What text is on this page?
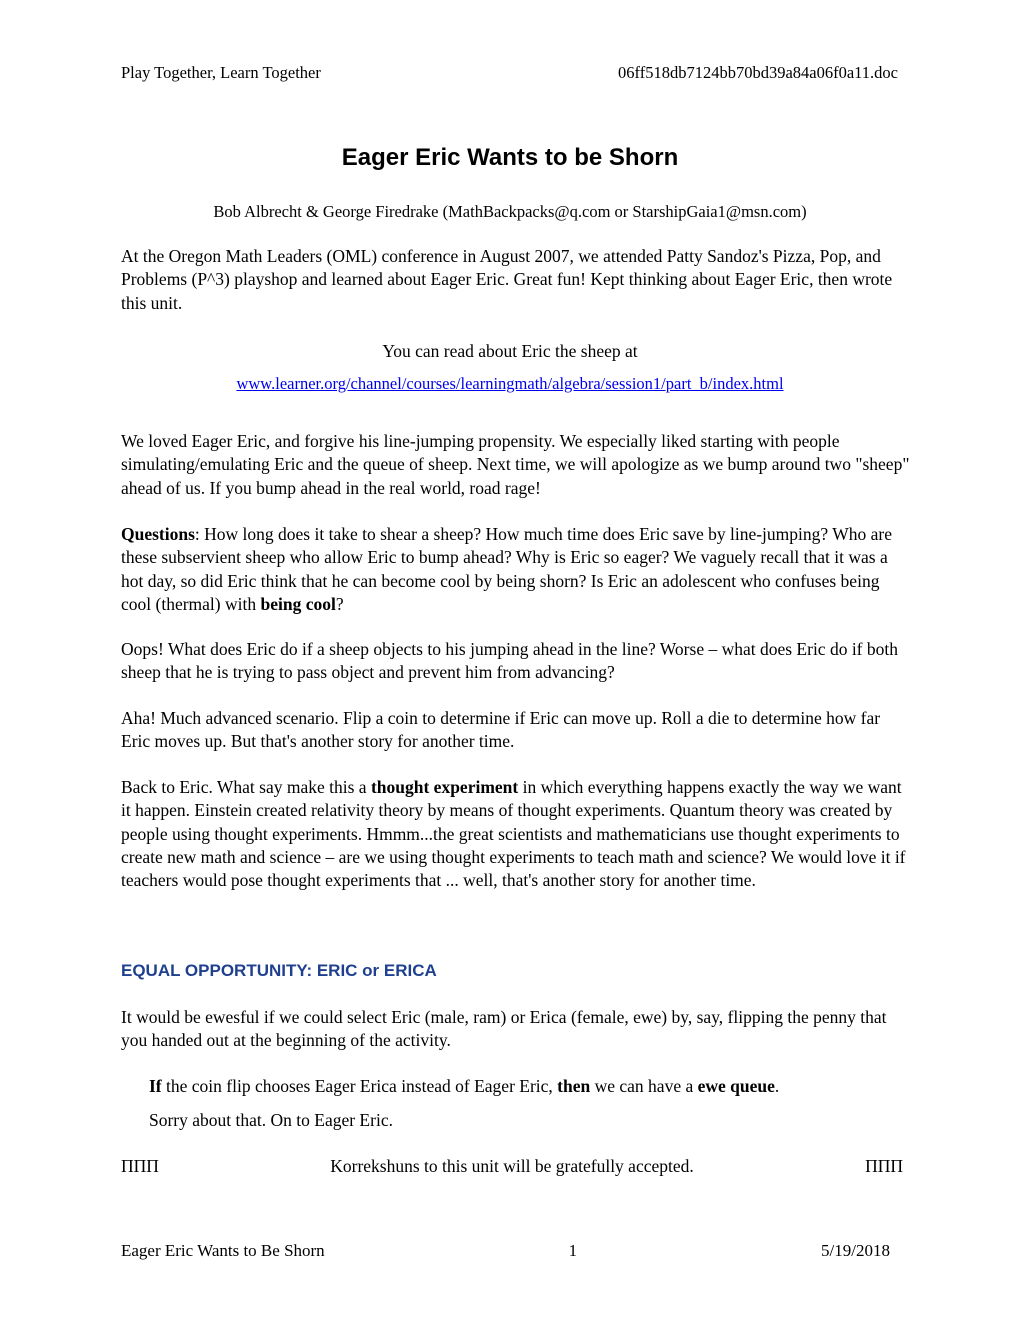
Play Together, Learn Together	06ff518db7124bb70bd39a84a06f0a11.doc
Eager Eric Wants to be Shorn
Bob Albrecht & George Firedrake (MathBackpacks@q.com or StarshipGaia1@msn.com)

At the Oregon Math Leaders (OML) conference in August 2007, we attended Patty Sandoz's Pizza, Pop, and Problems (P^3) playshop and learned about Eager Eric. Great fun! Kept thinking about Eager Eric, then wrote this unit.

You can read about Eric the sheep at

www.learner.org/channel/courses/learningmath/algebra/session1/part_b/index.html

We loved Eager Eric, and forgive his line-jumping propensity. We especially liked starting with people simulating/emulating Eric and the queue of sheep. Next time, we will apologize as we bump around two "sheep" ahead of us. If you bump ahead in the real world, road rage!

Questions: How long does it take to shear a sheep? How much time does Eric save by line-jumping? Who are these subservient sheep who allow Eric to bump ahead? Why is Eric so eager? We vaguely recall that it was a hot day, so did Eric think that he can become cool by being shorn? Is Eric an adolescent who confuses being cool (thermal) with being cool?

Oops! What does Eric do if a sheep objects to his jumping ahead in the line? Worse – what does Eric do if both sheep that he is trying to pass object and prevent him from advancing?

Aha! Much advanced scenario. Flip a coin to determine if Eric can move up. Roll a die to determine how far Eric moves up. But that's another story for another time.

Back to Eric. What say make this a thought experiment in which everything happens exactly the way we want it happen. Einstein created relativity theory by means of thought experiments. Quantum theory was created by people using thought experiments. Hmmm...the great scientists and mathematicians use thought experiments to create new math and science – are we using thought experiments to teach math and science? We would love it if teachers would pose thought experiments that ... well, that's another story for another time.

EQUAL OPPORTUNITY: ERIC or ERICA

It would be ewesful if we could select Eric (male, ram) or Erica (female, ewe) by, say, flipping the penny that you handed out at the beginning of the activity.

If the coin flip chooses Eager Erica instead of Eager Eric, then we can have a ewe queue.

Sorry about that. On to Eager Eric.

ΠΠΠ	Korrekshuns to this unit will be gratefully accepted.	ΠΠΠ
Eager Eric Wants to Be Shorn	1	5/19/2018
